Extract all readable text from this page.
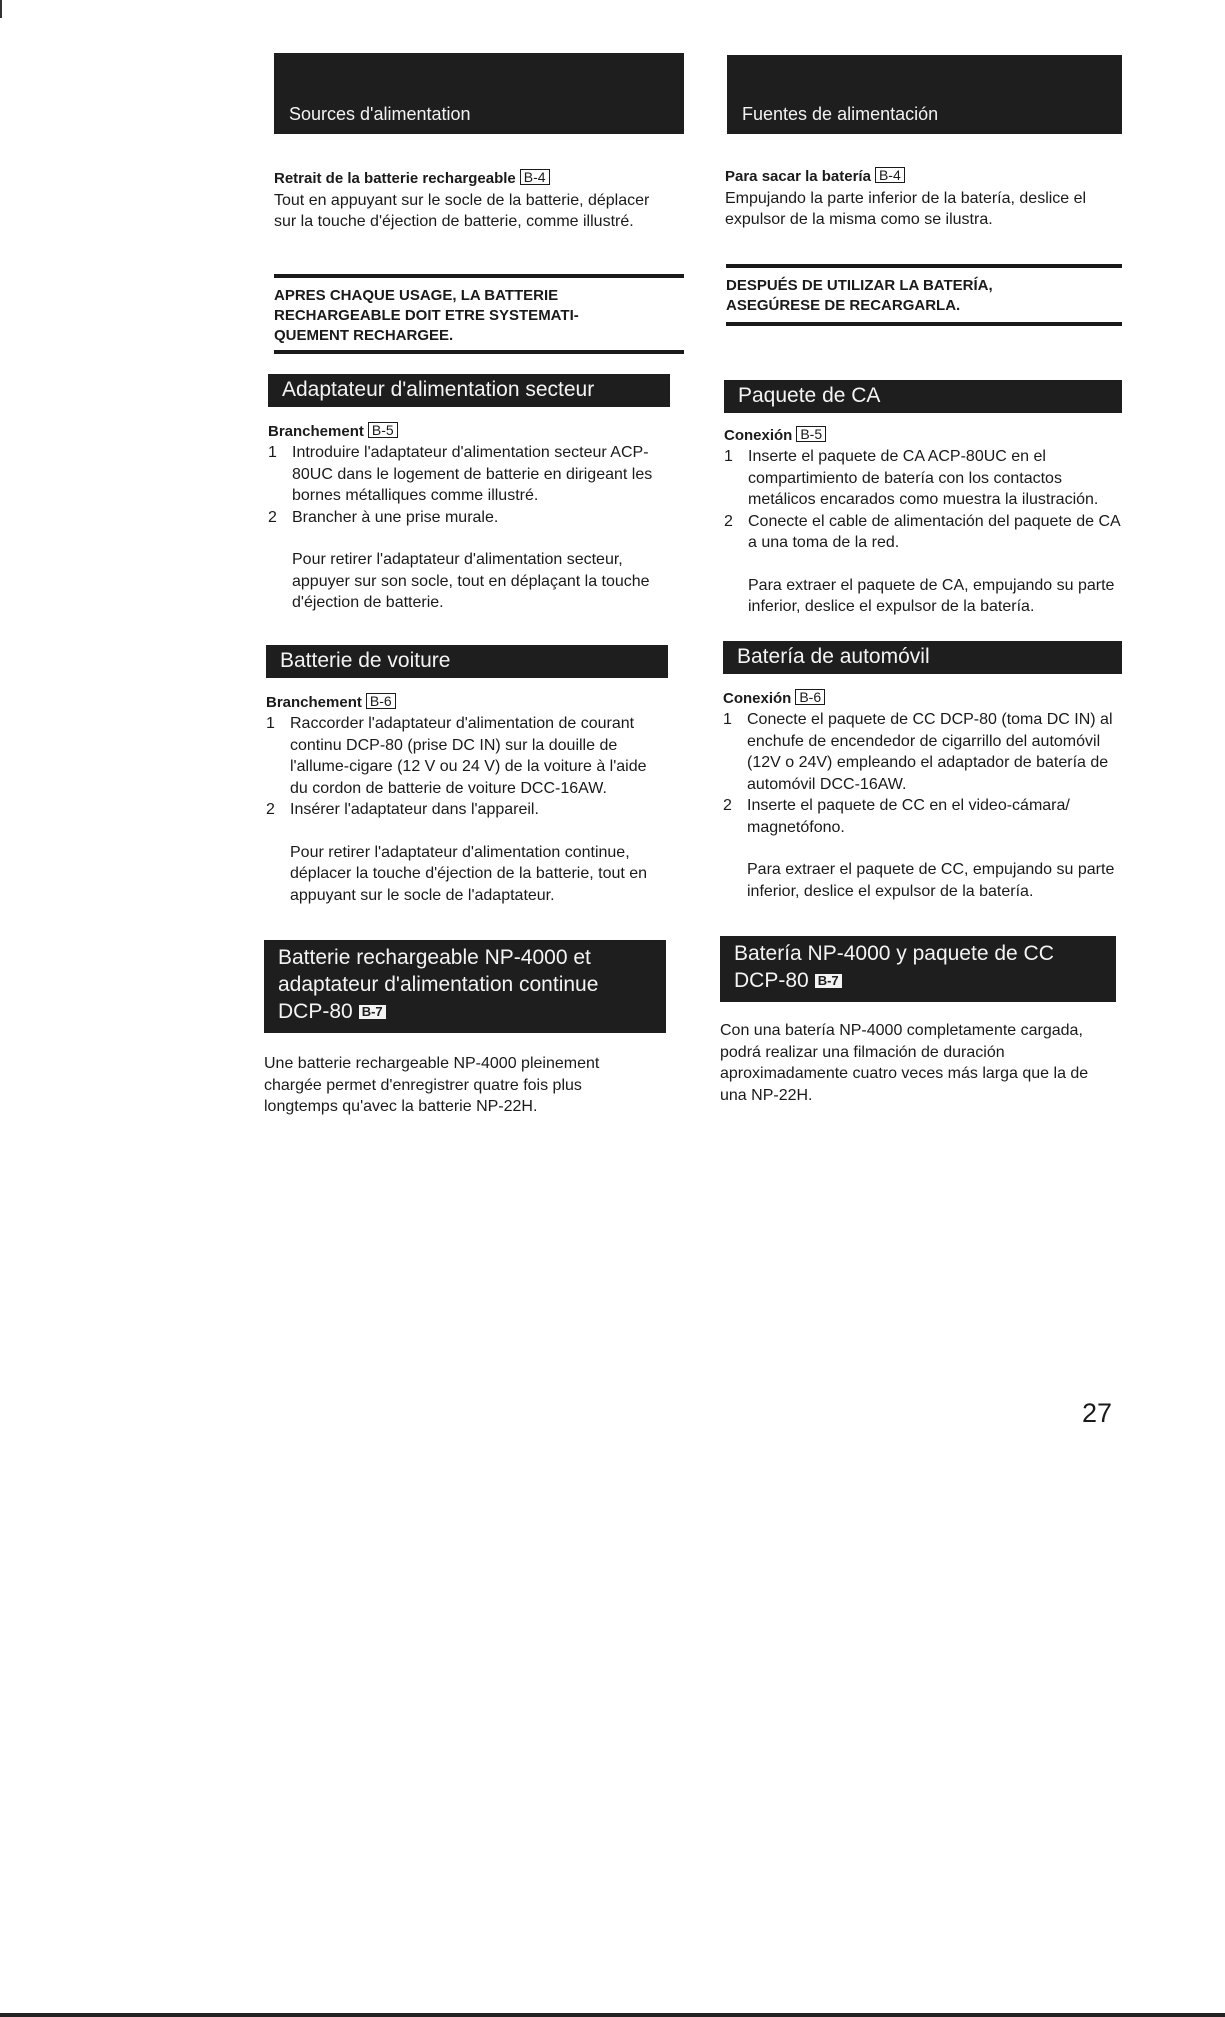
Sources d'alimentation

Retrait de la batterie rechargeable B-4

Tout en appuyant sur le socle de la batterie, déplacer sur la touche d'éjection de batterie, comme illustré.

APRES CHAQUE USAGE, LA BATTERIE RECHARGEABLE DOIT ETRE SYSTEMATI-QUEMENT RECHARGEE.

Adaptateur d'alimentation secteur

Branchement B-5

1 Introduire l'adaptateur d'alimentation secteur ACP-80UC dans le logement de batterie en dirigeant les bornes métalliques comme illustré.
2 Brancher à une prise murale.

Pour retirer l'adaptateur d'alimentation secteur, appuyer sur son socle, tout en déplaçant la touche d'éjection de batterie.

Batterie de voiture

Branchement B-6

1 Raccorder l'adaptateur d'alimentation de courant continu DCP-80 (prise DC IN) sur la douille de l'allume-cigare (12 V ou 24 V) de la voiture à l'aide du cordon de batterie de voiture DCC-16AW.
2 Insérer l'adaptateur dans l'appareil.

Pour retirer l'adaptateur d'alimentation continue, déplacer la touche d'éjection de la batterie, tout en appuyant sur le socle de l'adaptateur.

Batterie rechargeable NP-4000 et
adaptateur d'alimentation continue
DCP-80 B-7

Une batterie rechargeable NP-4000 pleinement chargée permet d'enregistrer quatre fois plus longtemps qu'avec la batterie NP-22H.

Fuentes de alimentación

Para sacar la batería B-4

Empujando la parte inferior de la batería, deslice el expulsor de la misma como se ilustra.

DESPUÉS DE UTILIZAR LA BATERÍA, ASEGÚRESE DE RECARGARLA.

Paquete de CA

Conexión B-5

1 Inserte el paquete de CA ACP-80UC en el compartimiento de batería con los contactos metálicos encarados como muestra la ilustración.
2 Conecte el cable de alimentación del paquete de CA a una toma de la red.

Para extraer el paquete de CA, empujando su parte inferior, deslice el expulsor de la batería.

Batería de automóvil

Conexión B-6

1 Conecte el paquete de CC DCP-80 (toma DC IN) al enchufe de encendedor de cigarrillo del automóvil (12V o 24V) empleando el adaptador de batería de automóvil DCC-16AW.
2 Inserte el paquete de CC en el video-cámara/ magnetófono.

Para extraer el paquete de CC, empujando su parte inferior, deslice el expulsor de la batería.

Batería NP-4000 y paquete de CC
DCP-80 B-7

Con una batería NP-4000 completamente cargada, podrá realizar una filmación de duración aproximadamente cuatro veces más larga que la de una NP-22H.

27
